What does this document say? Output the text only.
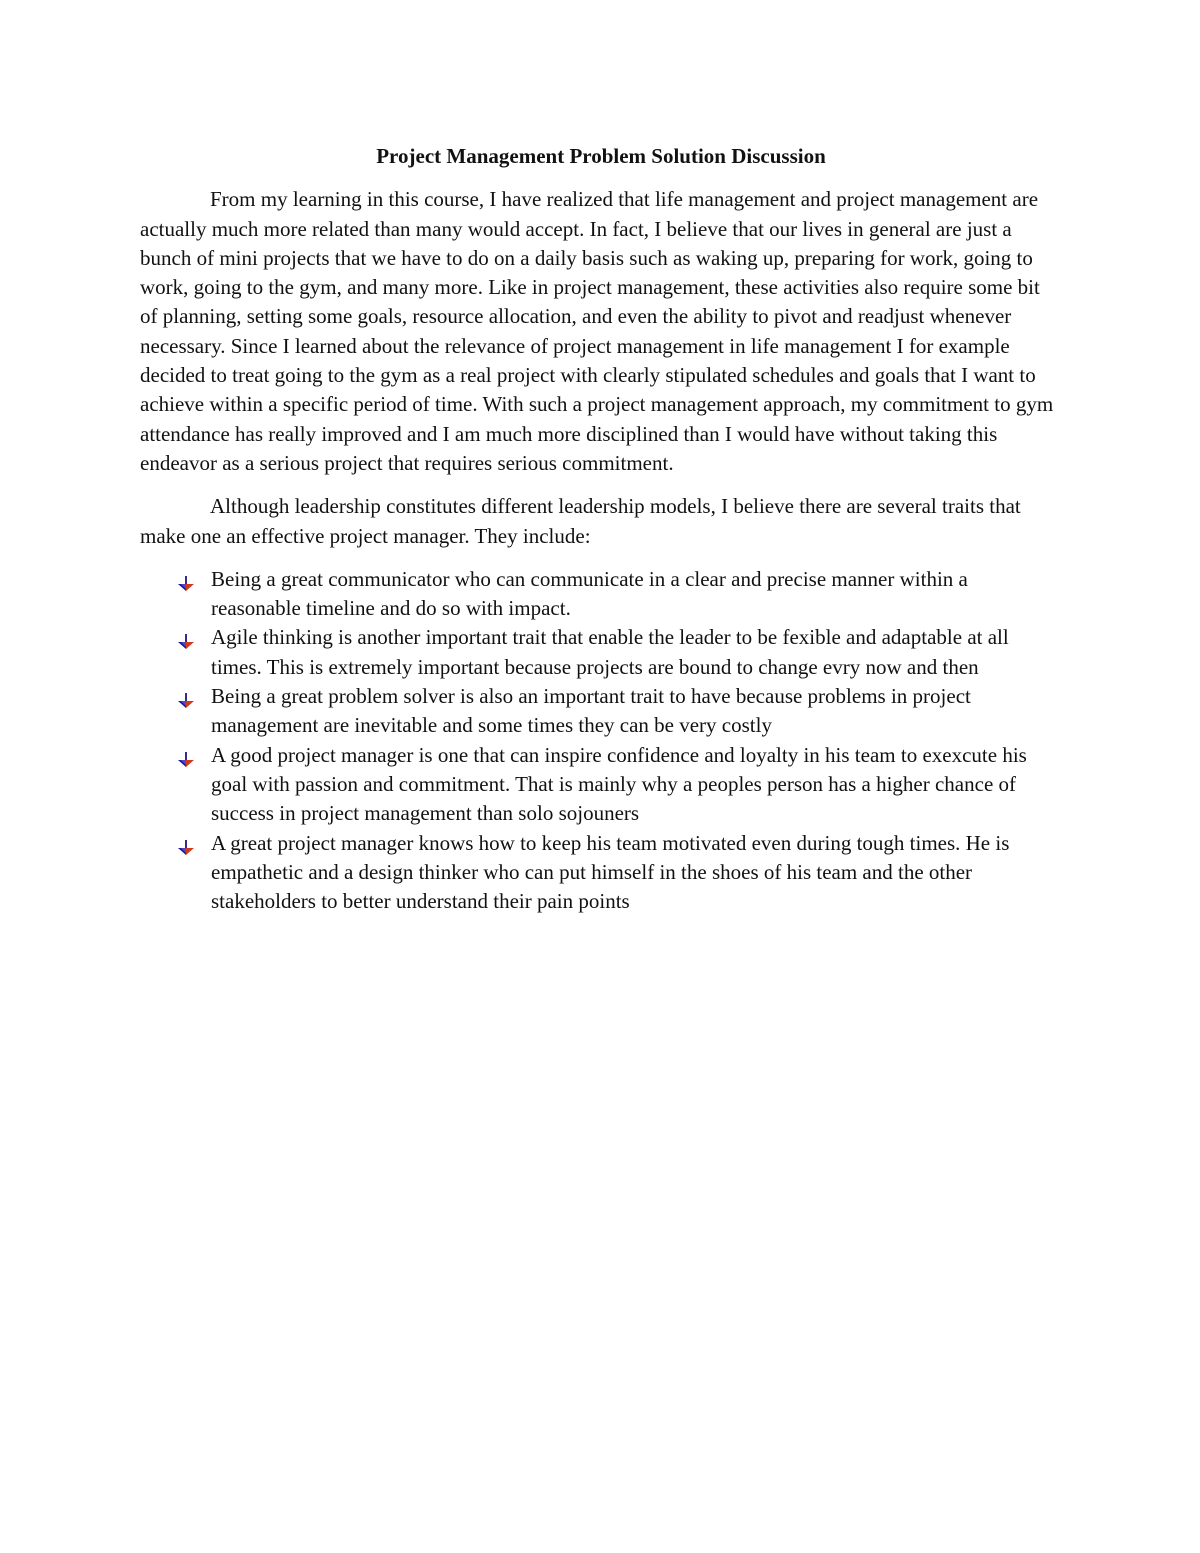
Project Management Problem Solution Discussion

From my learning in this course, I have realized that life management and project management are actually much more related than many would accept. In fact, I believe that our lives in general are just a bunch of mini projects that we have to do on a daily basis such as waking up, preparing for work, going to work, going to the gym, and many more. Like in project management, these activities also require some bit of planning, setting some goals, resource allocation, and even the ability to pivot and readjust whenever necessary. Since I learned about the relevance of project management in life management I for example decided to treat going to the gym as a real project with clearly stipulated schedules and goals that I want to achieve within a specific period of time. With such a project management approach, my commitment to gym attendance has really improved and I am much more disciplined than I would have without taking this endeavor as a serious project that requires serious commitment.

Although leadership constitutes different leadership models, I believe there are several traits that make one an effective project manager. They include:

Being a great communicator who can communicate in a clear and precise manner within a reasonable timeline and do so with impact.
Agile thinking is another important trait that enable the leader to be fexible and adaptable at all times. This is extremely important because projects are bound to change evry now and then
Being a great problem solver is also an important trait to have because problems in project management are inevitable and some times they can be very costly
A good project manager is one that can inspire confidence and loyalty in his team to exexcute his goal with passion and commitment. That is mainly why a peoples person has a higher chance of success in project management than solo sojouners
A great project manager knows how to keep his team motivated even during tough times. He is empathetic and a design thinker who can put himself in the shoes of his team and the other stakeholders to better understand their pain points
